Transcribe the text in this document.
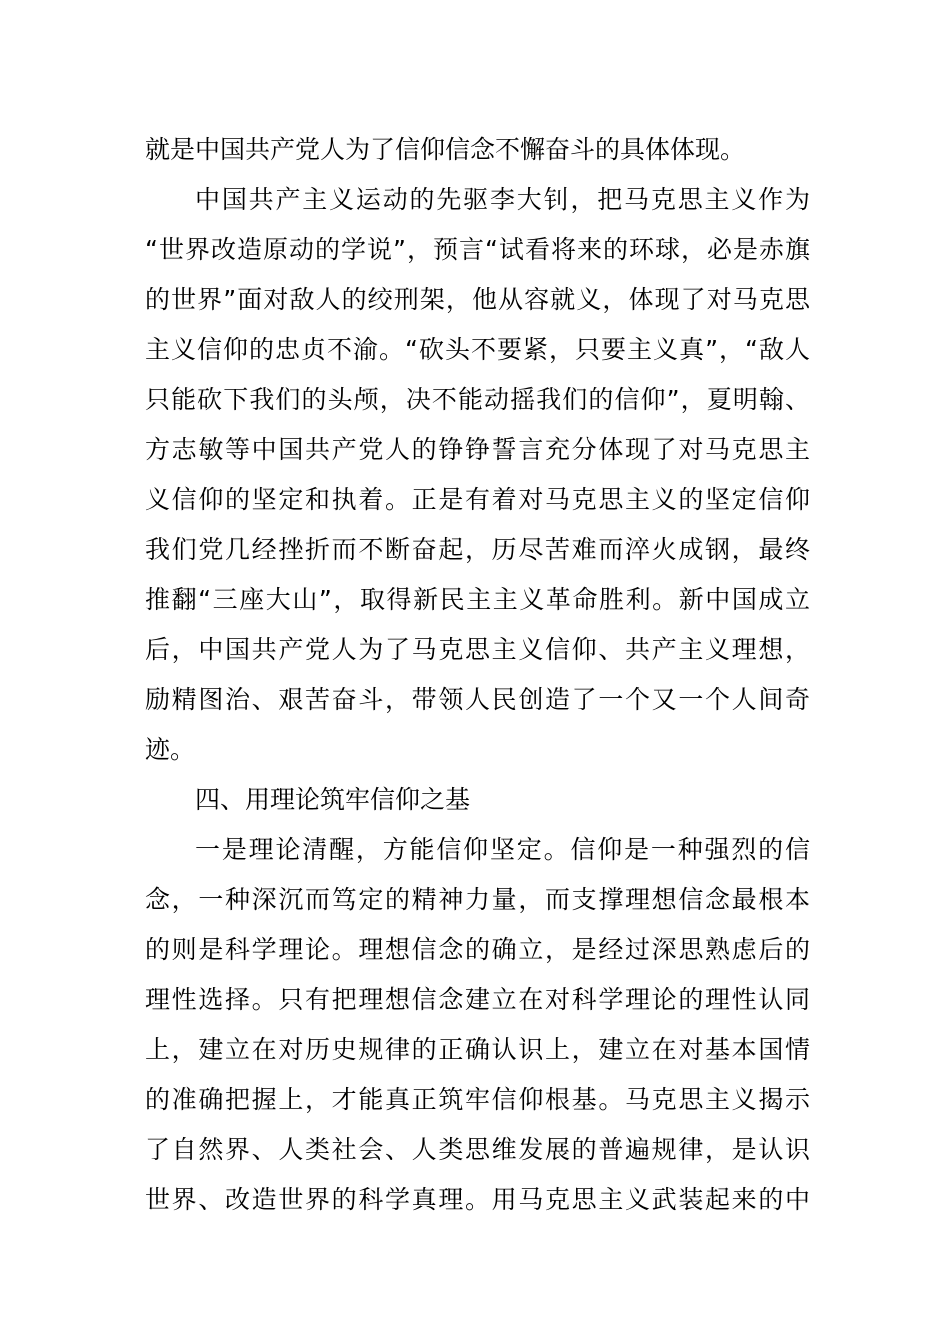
就是中国共产党人为了信仰信念不懈奋斗的具体体现。
中国共产主义运动的先驱李大钊，把马克思主义作为
“世界改造原动的学说”，预言“试看将来的环球，必是赤旗
的世界”面对敌人的绞刑架，他从容就义，体现了对马克思
主义信仰的忠贞不渝。“砍头不要紧，只要主义真”，“敌人
只能砍下我们的头颅，决不能动摇我们的信仰”，夏明翰、
方志敏等中国共产党人的铮铮誓言充分体现了对马克思主
义信仰的坚定和执着。正是有着对马克思主义的坚定信仰
我们党几经挫折而不断奋起，历尽苦难而淬火成钢，最终
推翻“三座大山”，取得新民主主义革命胜利。新中国成立
后，中国共产党人为了马克思主义信仰、共产主义理想，
励精图治、艰苦奋斗，带领人民创造了一个又一个人间奇
迹。
四、用理论筑牢信仰之基
一是理论清醒，方能信仰坚定。信仰是一种强烈的信
念，一种深沉而笃定的精神力量，而支撑理想信念最根本
的则是科学理论。理想信念的确立，是经过深思熟虑后的
理性选择。只有把理想信念建立在对科学理论的理性认同
上，建立在对历史规律的正确认识上，建立在对基本国情
的准确把握上，才能真正筑牢信仰根基。马克思主义揭示
了自然界、人类社会、人类思维发展的普遍规律，是认识
世界、改造世界的科学真理。用马克思主义武装起来的中
